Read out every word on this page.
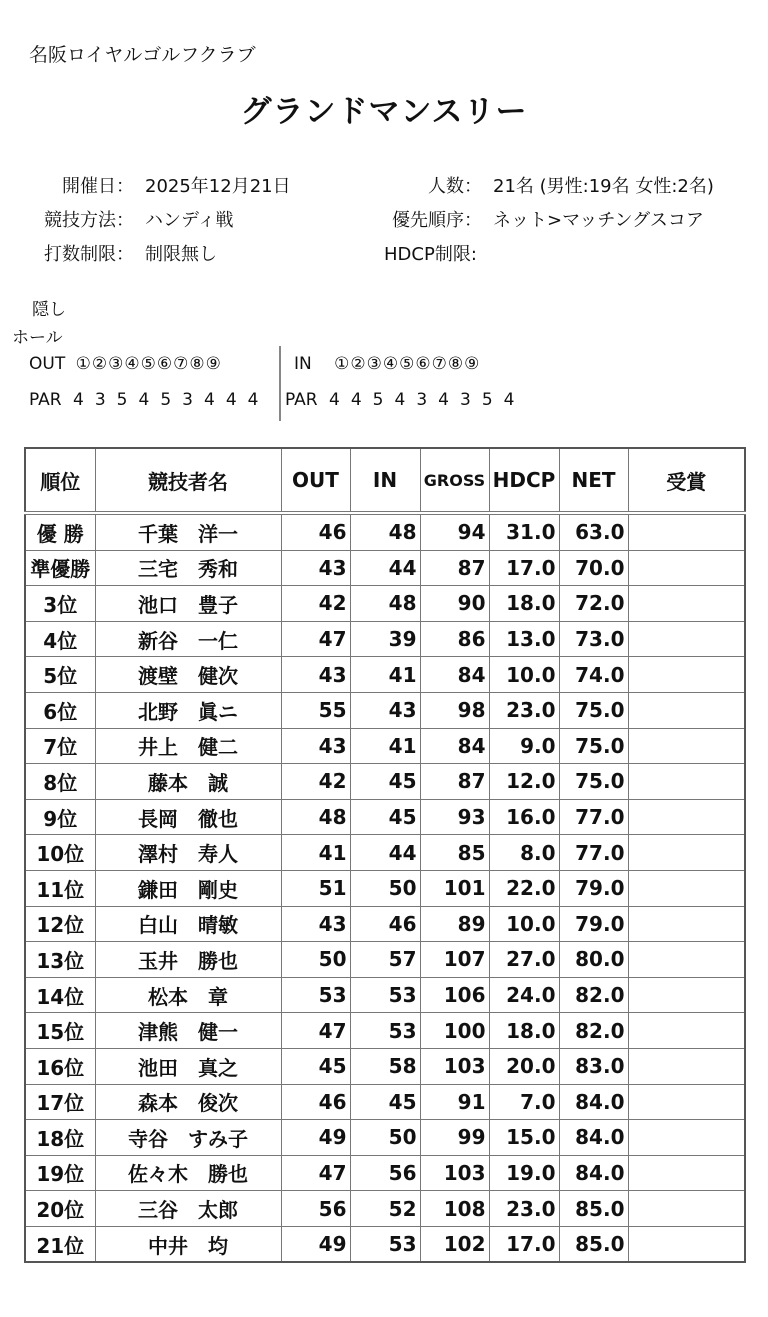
名阪ロイヤルゴルフクラブ
グランドマンスリー
開催日： 2025年12月21日
競技方法： ハンディ戦
打数制限： 制限無し
人数： 21名 (男性:19名 女性:2名)
優先順序： ネット>マッチングスコア
HDCP制限:
隠し
ホール
OUT ①②③④⑤⑥⑦⑧⑨	IN ①②③④⑤⑥⑦⑧⑨
PAR 4 3 5 4 5 3 4 4 4	PAR 4 4 5 4 3 4 3 5 4
順位	競技者名	OUT	IN	GROSS	HDCP	NET	受賞
優 勝	千葉　洋一	46	48	94	31.0	63.0	
準優勝	三宅　秀和	43	44	87	17.0	70.0	
3位	池口　豊子	42	48	90	18.0	72.0	
4位	新谷　一仁	47	39	86	13.0	73.0	
5位	渡壁　健次	43	41	84	10.0	74.0	
6位	北野　眞ニ	55	43	98	23.0	75.0	
7位	井上　健二	43	41	84	9.0	75.0	
8位	藤本　誠	42	45	87	12.0	75.0	
9位	長岡　徹也	48	45	93	16.0	77.0	
10位	澤村　寿人	41	44	85	8.0	77.0	
11位	鎌田　剛史	51	50	101	22.0	79.0	
12位	白山　晴敏	43	46	89	10.0	79.0	
13位	玉井　勝也	50	57	107	27.0	80.0	
14位	松本　章	53	53	106	24.0	82.0	
15位	津熊　健一	47	53	100	18.0	82.0	
16位	池田　真之	45	58	103	20.0	83.0	
17位	森本　俊次	46	45	91	7.0	84.0	
18位	寺谷　すみ子	49	50	99	15.0	84.0	
19位	佐々木　勝也	47	56	103	19.0	84.0	
20位	三谷　太郎	56	52	108	23.0	85.0	
21位	中井　均	49	53	102	17.0	85.0	
